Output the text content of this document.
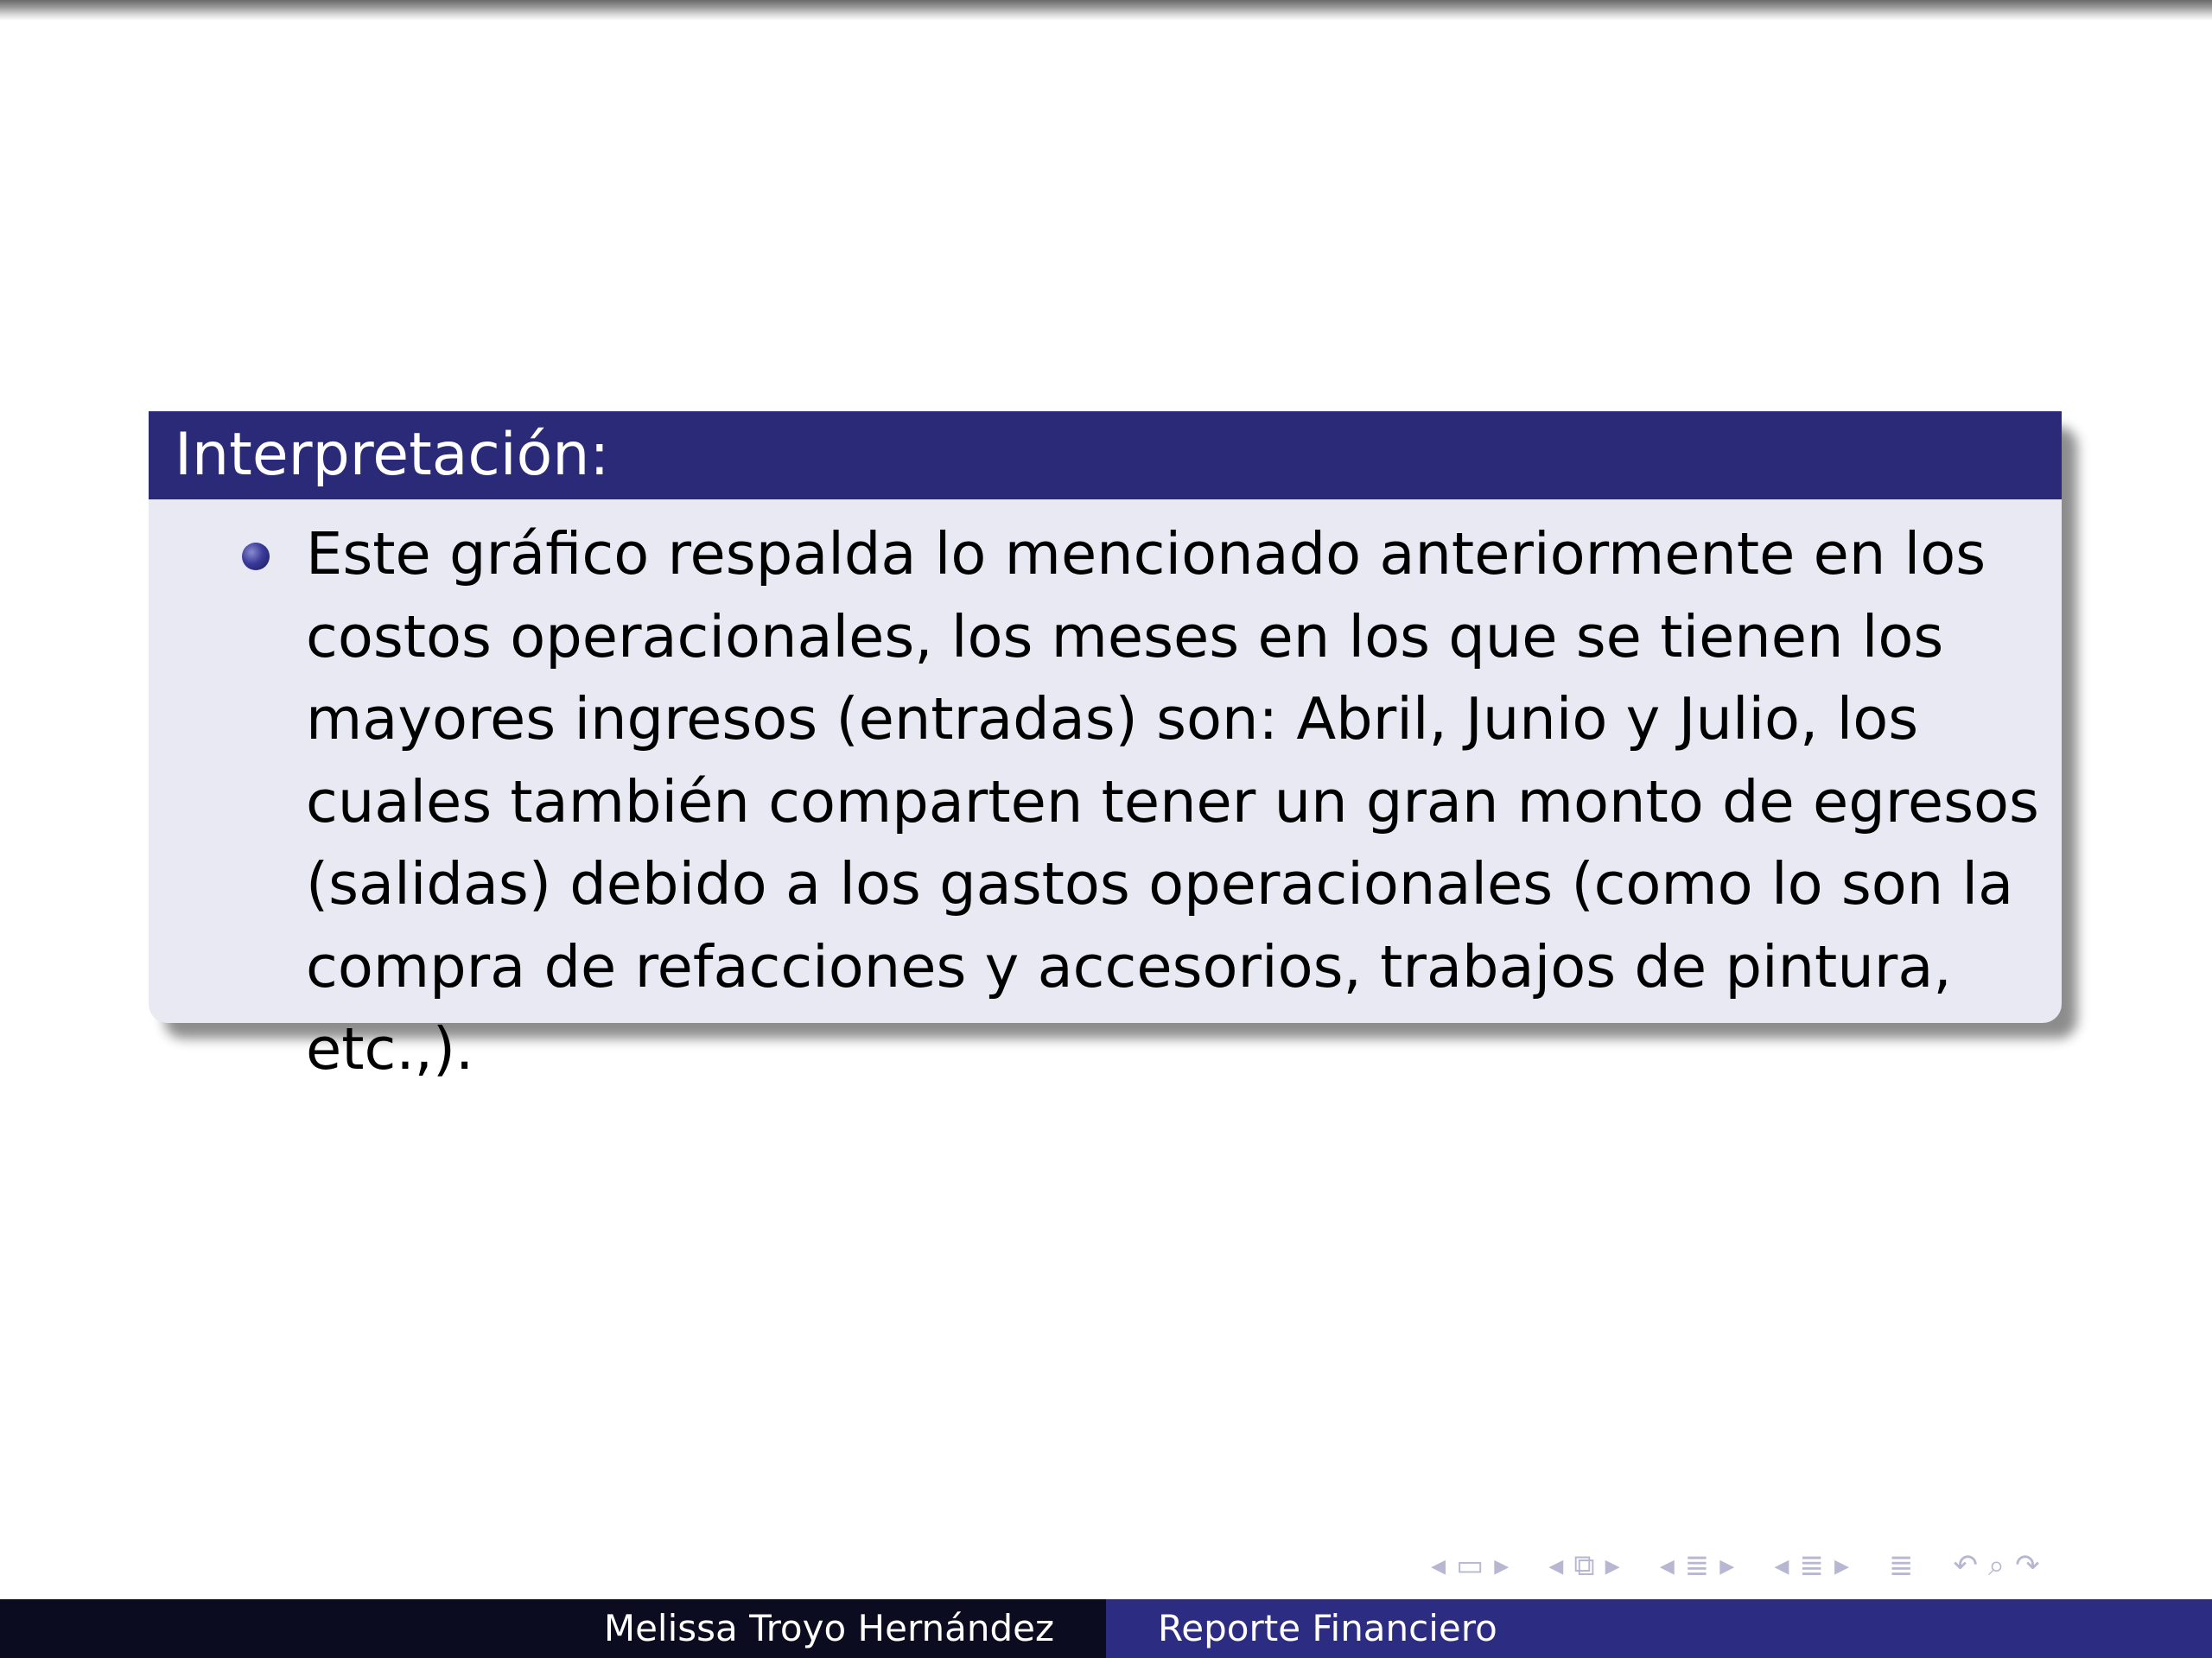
Interpretación:
Este gráfico respalda lo mencionado anteriormente en los
costos operacionales, los meses en los que se tienen los
mayores ingresos (entradas) son: Abril, Junio y Julio, los
cuales también comparten tener un gran monto de egresos
(salidas) debido a los gastos operacionales (como lo son la
compra de refacciones y accesorios, trabajos de pintura, etc.,).
◂ ▭ ▸ ◂ ⧉ ▸ ◂ ≣ ▸ ◂ ≣ ▸ ≣ ↶ ⌕ ↷
Melissa Troyo Hernández	Reporte Financiero
